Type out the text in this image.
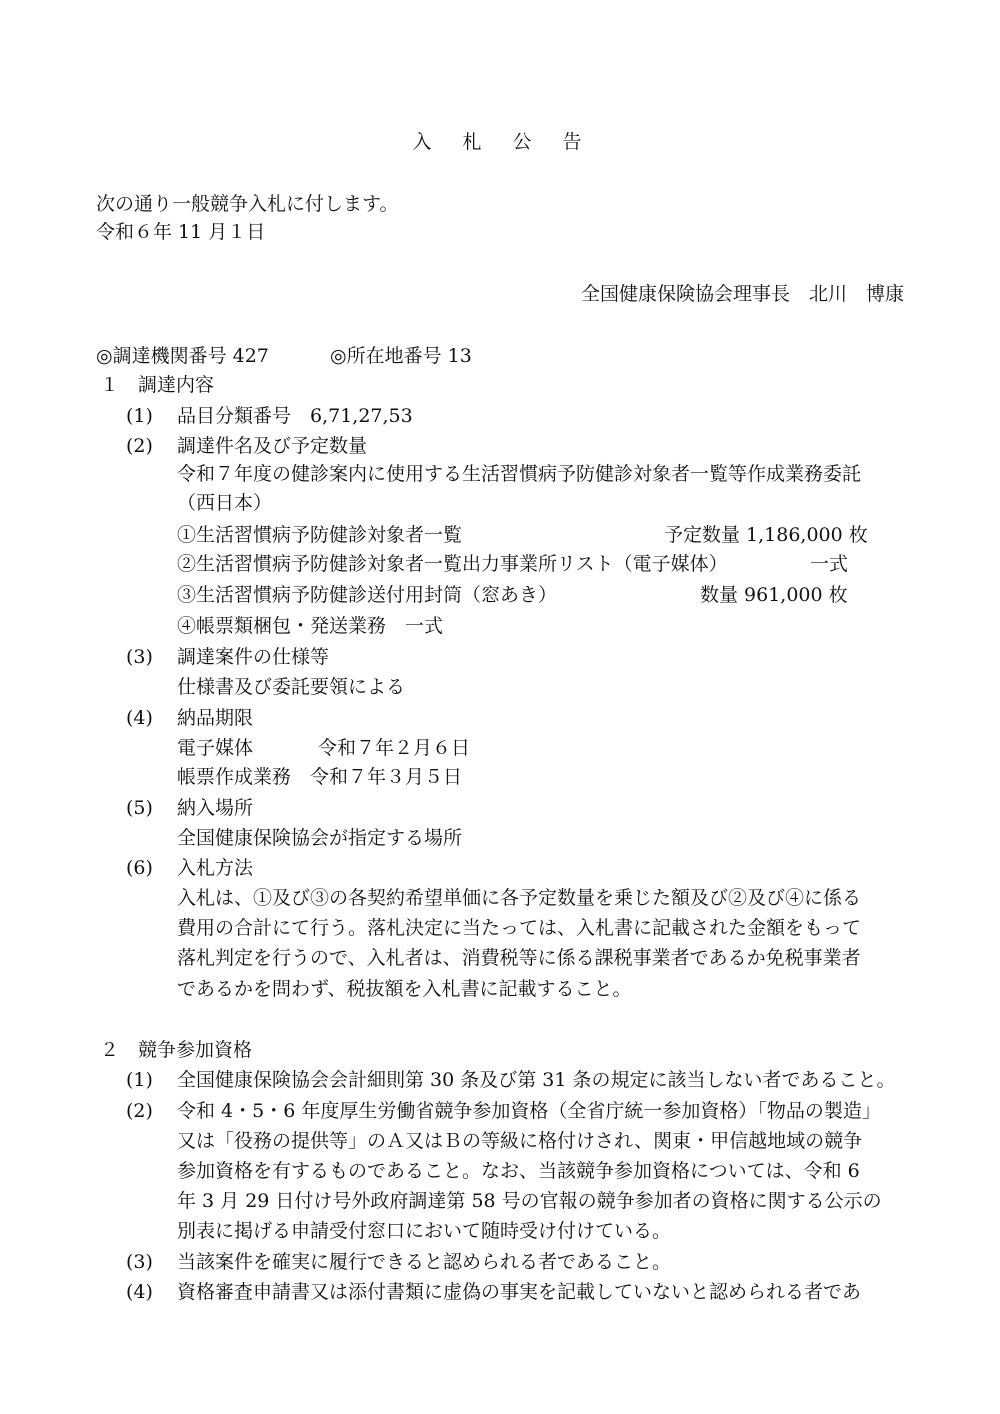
入　札　公　告

次の通り一般競争入札に付します。

令和６年 11 月１日

全国健康保険協会理事長　北川　博康

◎調達機関番号 427	◎所在地番号 13

１ 調達内容

(1) 品目分類番号　6,71,27,53

(2) 調達件名及び予定数量

令和７年度の健診案内に使用する生活習慣病予防健診対象者一覧等作成業務委託

（西日本）

①生活習慣病予防健診対象者一覧	予定数量 1,186,000 枚

②生活習慣病予防健診対象者一覧出力事業所リスト（電子媒体）	一式

③生活習慣病予防健診送付用封筒（窓あき）	数量 961,000 枚

④帳票類梱包・発送業務　一式

(3) 調達案件の仕様等

仕様書及び委託要領による

(4) 納品期限

電子媒体	令和７年２月６日

帳票作成業務　令和７年３月５日

(5) 納入場所

全国健康保険協会が指定する場所

(6) 入札方法

入札は、①及び③の各契約希望単価に各予定数量を乗じた額及び②及び④に係る

費用の合計にて行う。落札決定に当たっては、入札書に記載された金額をもって

落札判定を行うので、入札者は、消費税等に係る課税事業者であるか免税事業者

であるかを問わず、税抜額を入札書に記載すること。

２ 競争参加資格

(1) 全国健康保険協会会計細則第 30 条及び第 31 条の規定に該当しない者であること。

(2) 令和 4・5・6 年度厚生労働省競争参加資格（全省庁統一参加資格）「物品の製造」

又は「役務の提供等」のＡ又はＢの等級に格付けされ、関東・甲信越地域の競争

参加資格を有するものであること。なお、当該競争参加資格については、令和 6

年 3 月 29 日付け号外政府調達第 58 号の官報の競争参加者の資格に関する公示の

別表に掲げる申請受付窓口において随時受け付けている。

(3) 当該案件を確実に履行できると認められる者であること。

(4) 資格審査申請書又は添付書類に虚偽の事実を記載していないと認められる者であ
